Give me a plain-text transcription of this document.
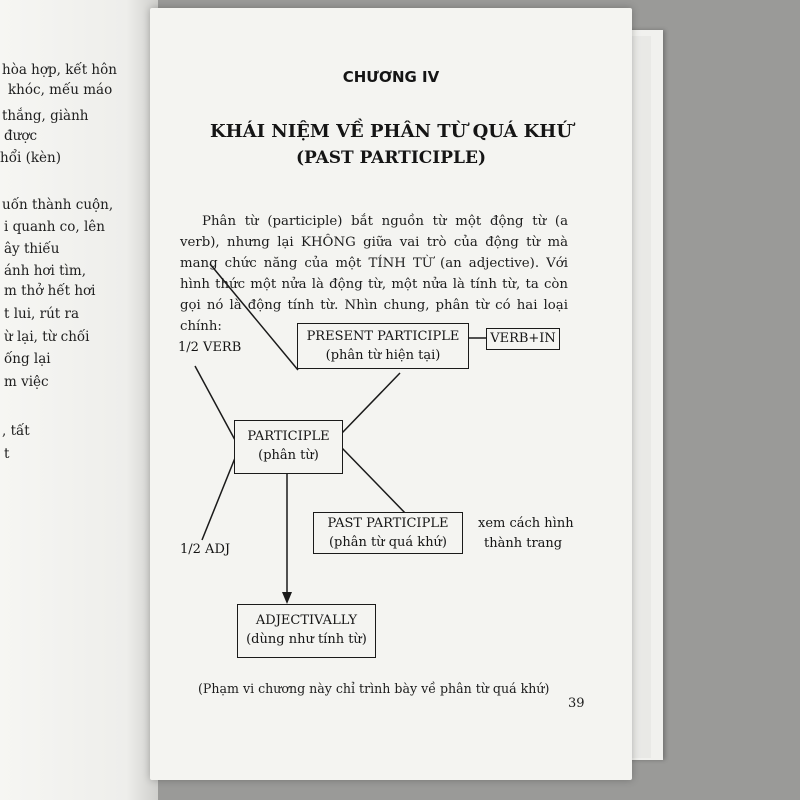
hòa hợp, kết hôn
khóc, mếu máo
thắng, giành
được
hổi (kèn)
uốn thành cuộn,
i quanh co, lên
ây thiếu
ánh hơi tìm,
m thở hết hơi
t lui, rút ra
ừ lại, từ chối
ống lại
m việc
, tất
t
CHƯƠNG IV
KHÁI NIỆM VỀ PHÂN TỪ QUÁ KHỨ
(PAST PARTICIPLE)
Phân từ (participle) bắt nguồn từ một động từ (a verb), nhưng lại KHÔNG giữa vai trò của động từ mà mang chức năng của một TÍNH TỪ (an adjective). Với hình thức một nửa là động từ, một nửa là tính từ, ta còn gọi nó là động tính từ. Nhìn chung, phân từ có hai loại chính:
PRESENT PARTICIPLE
(phân từ hiện tại)
VERB+IN
1/2 VERB
PARTICIPLE
(phân từ)
PAST PARTICIPLE
(phân từ quá khứ)
xem cách hình
thành trang
1/2 ADJ
ADJECTIVALLY
(dùng như tính từ)
(Phạm vi chương này chỉ trình bày về phân từ quá khứ)
39
